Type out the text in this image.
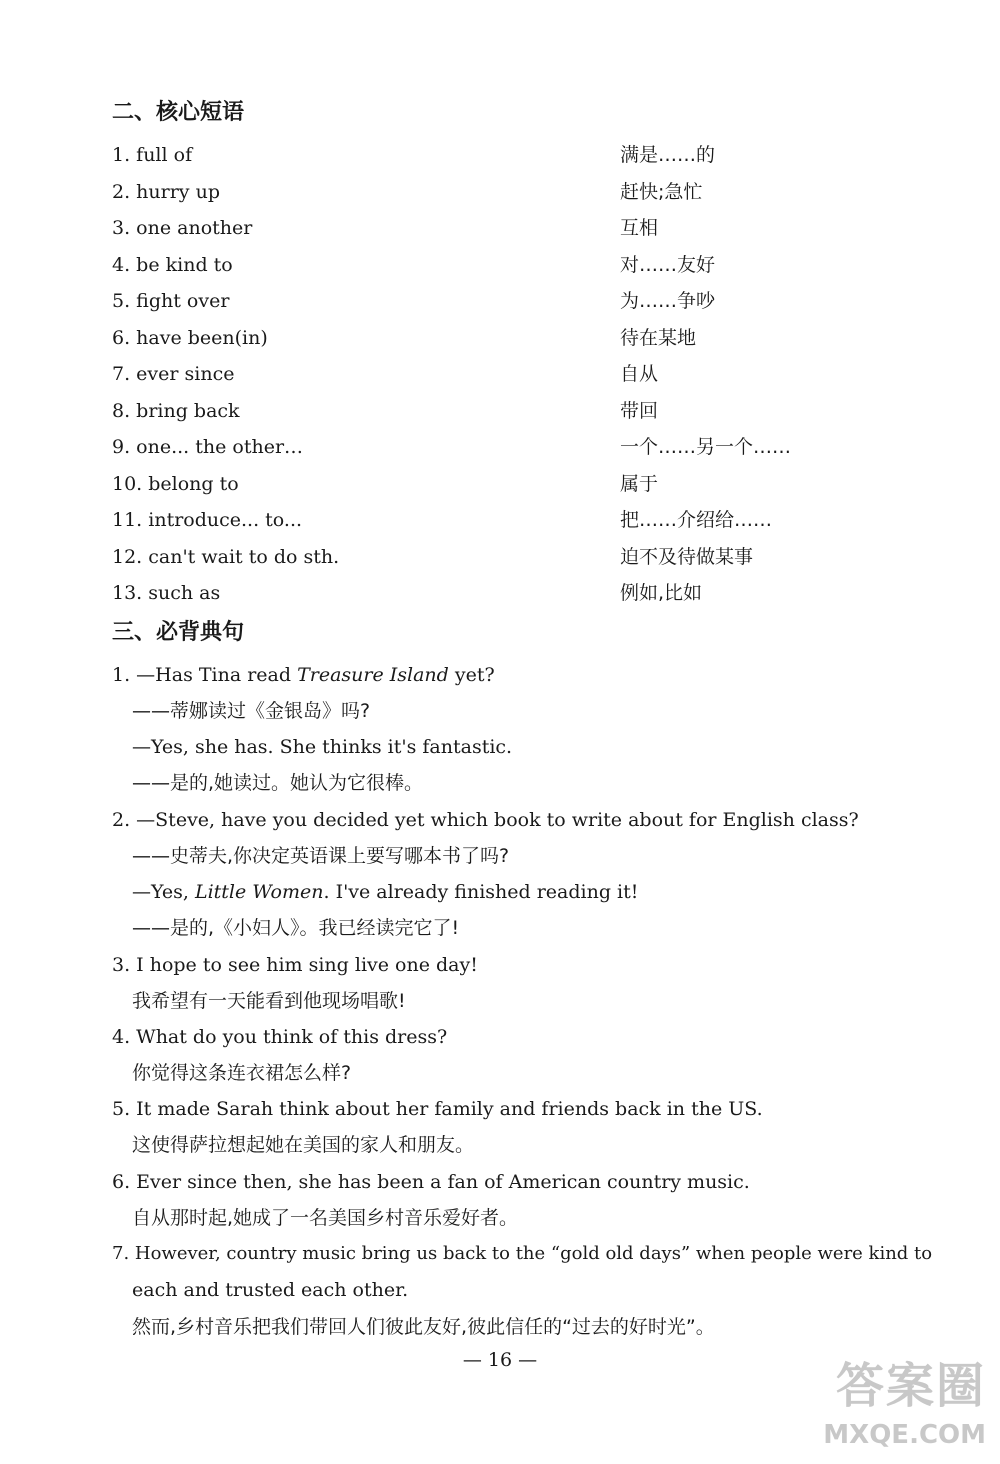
二、核心短语
1. full of	满是……的
2. hurry up	赶快;急忙
3. one another	互相
4. be kind to	对……友好
5. fight over	为……争吵
6. have been(in)	待在某地
7. ever since	自从
8. bring back	带回
9. one... the other…	一个……另一个……
10. belong to	属于
11. introduce... to...	把……介绍给……
12. can't wait to do sth.	迫不及待做某事
13. such as	例如,比如
三、必背典句
1. —Has Tina read Treasure Island yet?
——蒂娜读过《金银岛》吗?
—Yes, she has. She thinks it's fantastic.
——是的,她读过。她认为它很棒。
2. —Steve, have you decided yet which book to write about for English class?
——史蒂夫,你决定英语课上要写哪本书了吗?
—Yes, Little Women. I've already finished reading it!
——是的,《小妇人》。我已经读完它了!
3. I hope to see him sing live one day!
我希望有一天能看到他现场唱歌!
4. What do you think of this dress?
你觉得这条连衣裙怎么样?
5. It made Sarah think about her family and friends back in the US.
这使得萨拉想起她在美国的家人和朋友。
6. Ever since then, she has been a fan of American country music.
自从那时起,她成了一名美国乡村音乐爱好者。
7. However, country music bring us back to the “gold old days” when people were kind to
each and trusted each other.
然而,乡村音乐把我们带回人们彼此友好,彼此信任的“过去的好时光”。
— 16 —	答案圈
MXQE.COM
